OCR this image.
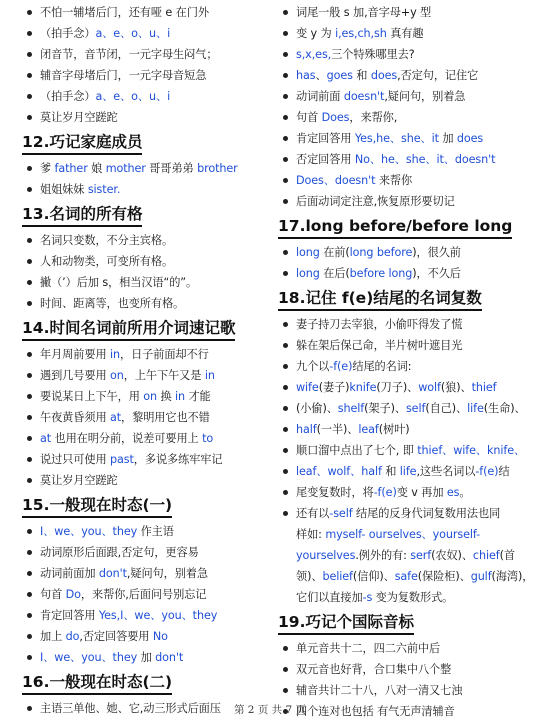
不怕一辅堵后门，还有哑 e 在门外
（拍手念）a、e、o、u、i
闭音节，音节闭，一元字母生闷气；
辅音字母堵后门，一元字母音短急
（拍手念）a、e、o、u、i
莫让岁月空蹉跎
12.巧记家庭成员
爹 father 娘 mother 哥哥弟弟 brother
姐姐妹妹 sister.
13.名词的所有格
名词只变数，不分主宾格。
人和动物类，可变所有格。
撇（’）后加 s，相当汉语“的”。
时间、距离等，也变所有格。
14.时间名词前所用介词速记歌
年月周前要用 in，日子前面却不行
遇到几号要用 on，上午下午又是 in
要说某日上下午，用 on 换 in 才能
午夜黄昏须用 at，黎明用它也不错
at 也用在明分前，说差可要用上 to
说过只可使用 past，多说多练牢牢记
莫让岁月空蹉跎
15.一般现在时态(一)
I、we、you、they 作主语
动词原形后面跟,否定句，更容易
动词前面加 don't,疑问句，别着急
句首 Do，来帮你,后面问号别忘记
肯定回答用 Yes,I、we、you、they
加上 do,否定回答要用 No
I、we、you、they 加 don't
16.一般现在时态(二)
主语三单他、她、它,动三形式后面压
词尾一般 s 加,音字母+y 型
变 y 为 i,es,ch,sh 真有趣
s,x,es,三个特殊哪里去?
has、goes 和 does,否定句，记住它
动词前面 doesn't,疑问句，别着急
句首 Does，来帮你,
肯定回答用 Yes,he、she、it 加 does
否定回答用 No、he、she、it、doesn't
Does、doesn't 来帮你
后面动词定注意,恢复原形要切记
17.long before/before long
long 在前(long before)，很久前
long 在后(before long)，不久后
18.记住 f(e)结尾的名词复数
妻子持刀去宰狼，小偷吓得发了慌
躲在架后保己命，半片树叶遮目光
九个以-f(e)结尾的名词:
wife(妻子)knife(刀子)、wolf(狼)、thief
(小偷)、shelf(架子)、self(自己)、life(生命)、
half(一半)、leaf(树叶)
顺口溜中点出了七个, 即 thief、wife、knife、
leaf、wolf、half 和 life,这些名词以-f(e)结
尾变复数时，将-f(e)变 v 再加 es。
还有以-self 结尾的反身代词复数用法也同
样如: myself- ourselves、yourself-
yourselves.例外的有: serf(农奴)、chief(首
领)、belief(信仰)、safe(保险柜)、gulf(海湾)，
它们以直接加-s 变为复数形式。
19.巧记个国际音标
单元音共十二，四二六前中后
双元音也好背，合口集中八个整
辅音共计二十八，八对一清又七浊
四个连对也包括 有气无声清辅音
第 2 页 共 7 页
